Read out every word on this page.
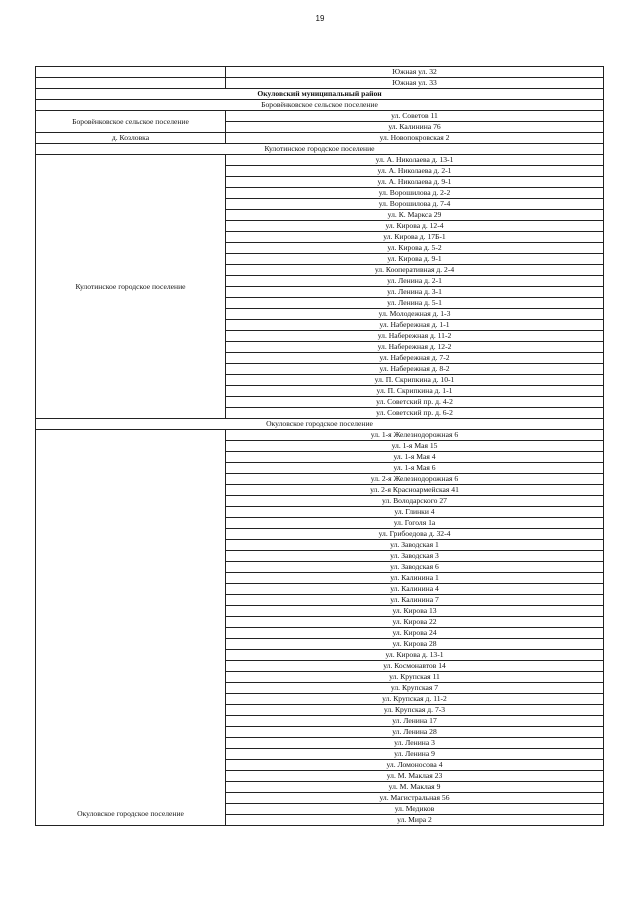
19
	Южная ул. 32
	Южная ул. 33
Окуловский муниципальный район	
Боровёнковское сельское поселение	
Боровёнковское сельское поселение	ул. Советов 11
	ул. Калинина 76
д. Козловка	ул. Новопокровская 2
Кулотинское городское поселение	
Кулотинское городское поселение	ул. А. Николаева д. 13-1
	ул. А. Николаева д. 2-1
	ул. А. Николаева д. 9-1
	ул. Ворошилова д. 2-2
	ул. Ворошилова д. 7-4
	ул. К. Маркса 29
	ул. Кирова д. 12-4
	ул. Кирова д. 17Б-1
	ул. Кирова д. 5-2
	ул. Кирова д. 9-1
	ул. Кооперативная д. 2-4
	ул. Ленина д. 2-1
	ул. Ленина д. 3-1
	ул. Ленина д. 5-1
	ул. Молодежная д. 1-3
	ул. Набережная д. 1-1
	ул. Набережная д. 11-2
	ул. Набережная д. 12-2
	ул. Набережная д. 7-2
	ул. Набережная д. 8-2
	ул. П. Скрипкина д. 10-1
	ул. П. Скрипкина д. 1-1
	ул. Советский пр. д. 4-2
	ул. Советский пр. д. 6-2
Окуловское городское поселение	
Окуловское городское поселение	ул. 1-я Железнодорожная 6
	ул. 1-я Мая 15
	ул. 1-я Мая 4
	ул. 1-я Мая 6
	ул. 2-я Железнодорожная 6
	ул. 2-я Красноармейская 41
	ул. Володарского 27
	ул. Глинки 4
	ул. Гоголя 1а
	ул. Грибоедова д. 32-4
	ул. Заводская 1
	ул. Заводская 3
	ул. Заводская 6
	ул. Калинина 1
	ул. Калинина 4
	ул. Калинина 7
	ул. Кирова 13
	ул. Кирова 22
	ул. Кирова 24
	ул. Кирова 28
	ул. Кирова д. 13-1
	ул. Космонавтов 14
	ул. Крупская 11
	ул. Крупская 7
	ул. Крупская д. 11-2
	ул. Крупская д. 7-3
	ул. Ленина 17
	ул. Ленина 28
	ул. Ленина 3
	ул. Ленина 9
	ул. Ломоносова 4
	ул. М. Маклая 23
	ул. М. Маклая 9
	ул. Магистральная 56
	ул. Медиков
	ул. Мира 2
